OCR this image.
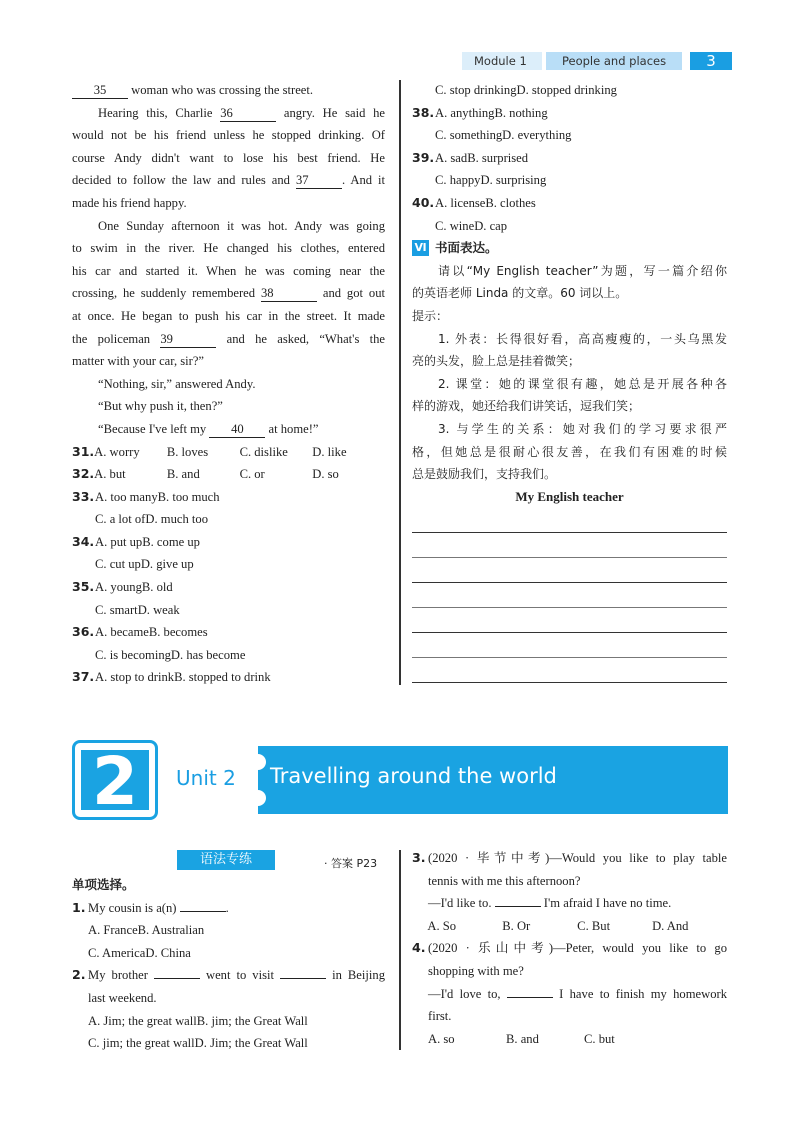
Module 1	People and places	3
35 woman who was crossing the street.
Hearing this, Charlie 36	angry. He said he
would not be his friend unless he stopped drinking. Of
course Andy didn't want to lose his best friend. He
decided to follow the law and rules and 37	. And it
made his friend happy.
One Sunday afternoon it was hot. Andy was going
to swim in the river. He changed his clothes, entered
his car and started it. When he was coming near the
crossing, he suddenly remembered 38	and got out
at once. He began to push his car in the street. It made
the policeman 39	and he asked, “What's the
matter with your car, sir?”
“Nothing, sir,” answered Andy.
“But why push it, then?”
“Because I've left my 40 at home!”
31. A. worry	B. loves	C. dislike	D. like
32. A. but	B. and	C. or	D. so
33. A. too many B. too much
C. a lot of D. much too
34. A. put up B. come up
C. cut up D. give up
35. A. young B. old
C. smart D. weak
36. A. became B. becomes
C. is becoming D. has become
37. A. stop to drink B. stopped to drink
C. stop drinking D. stopped drinking
38. A. anything B. nothing
C. something D. everything
39. A. sad B. surprised
C. happy D. surprising
40. A. license B. clothes
C. wine D. cap
Ⅵ 书面表达。
请以“My English teacher”为题，写一篇介绍你
的英语老师 Linda 的文章。60 词以上。
提示：
1. 外表：长得很好看，高高瘦瘦的，一头乌黑发
亮的头发，脸上总是挂着微笑；
2. 课堂：她的课堂很有趣，她总是开展各种各
样的游戏，她还给我们讲笑话，逗我们笑；
3. 与学生的关系：她对我们的学习要求很严
格，但她总是很耐心很友善，在我们有困难的时候
总是鼓励我们，支持我们。
My English teacher
2	Unit 2 Travelling around the world
语法专练	· 答案 P23
单项选择。
1. My cousin is a(n)	.
A. France B. Australian
C. America D. China
2. My brother	went to visit	in Beijing
last weekend.
A. Jim; the great wall B. jim; the Great Wall
C. jim; the great wall D. Jim; the Great Wall
3. (2020 · 毕节中考)—Would you like to play table
tennis with me this afternoon?
—I'd like to.	I'm afraid I have no time.
A. So	B. Or	C. But	D. And
4. (2020 · 乐山中考)—Peter, would you like to go
shopping with me?
—I'd love to,	I have to finish my homework
first.
A. so	B. and	C. but
